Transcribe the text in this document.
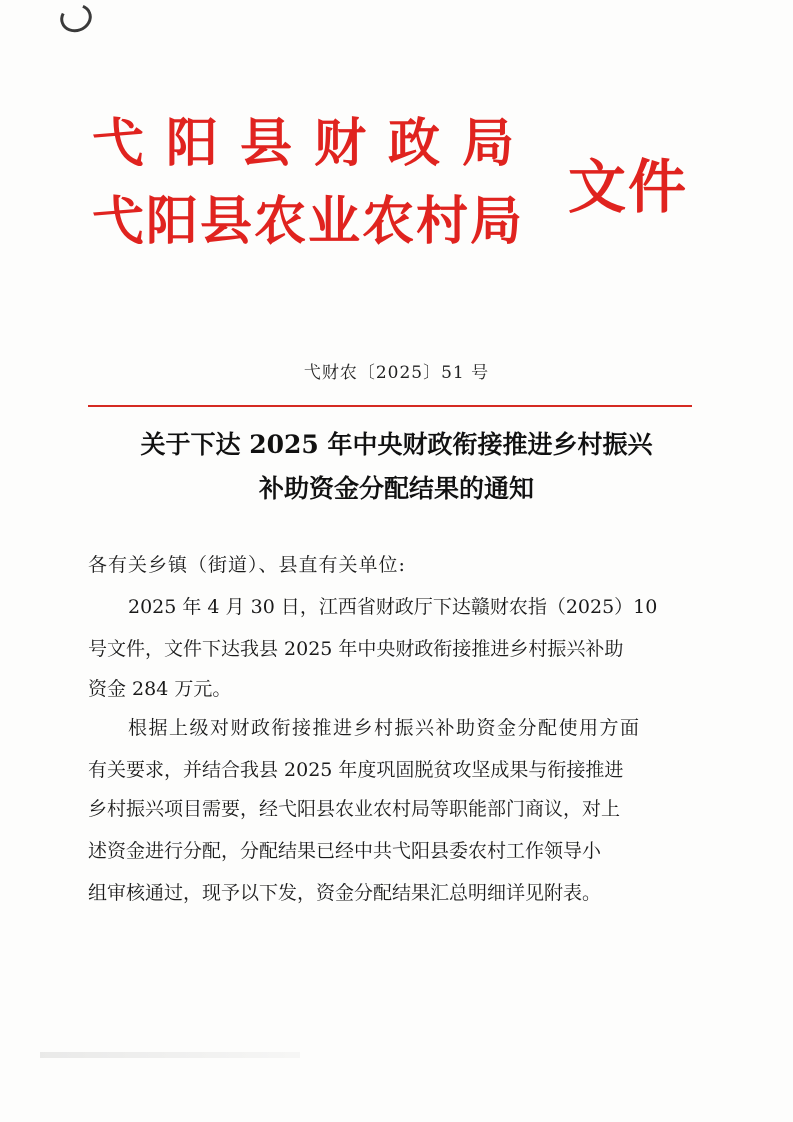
弋阳县财政局
弋阳县农业农村局
文件
弋财农〔2025〕51 号
关于下达 2025 年中央财政衔接推进乡村振兴
补助资金分配结果的通知
各有关乡镇（街道）、县直有关单位:
2025 年 4 月 30 日，江西省财政厅下达赣财农指（2025）10
号文件，文件下达我县 2025 年中央财政衔接推进乡村振兴补助
资金 284 万元。
根据上级对财政衔接推进乡村振兴补助资金分配使用方面
有关要求，并结合我县 2025 年度巩固脱贫攻坚成果与衔接推进
乡村振兴项目需要，经弋阳县农业农村局等职能部门商议，对上
述资金进行分配，分配结果已经中共弋阳县委农村工作领导小
组审核通过，现予以下发，资金分配结果汇总明细详见附表。
